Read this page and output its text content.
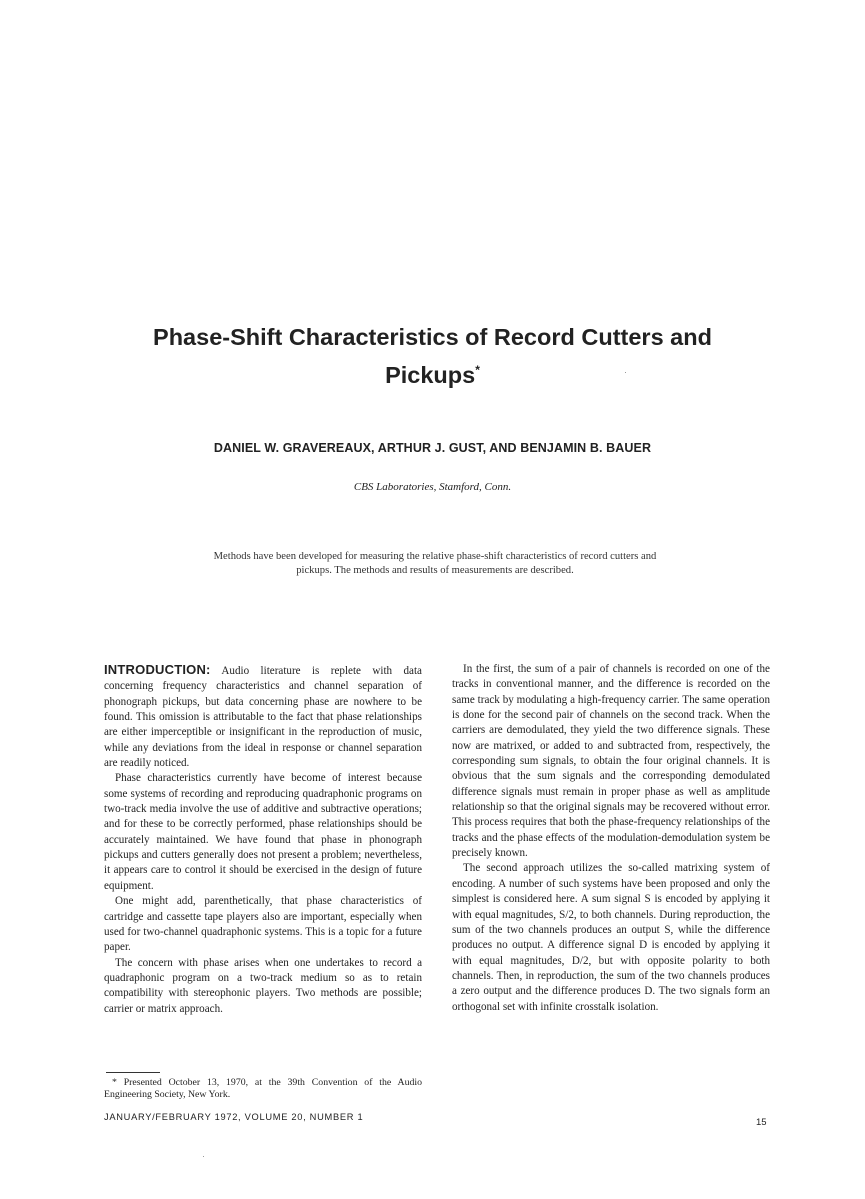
Phase-Shift Characteristics of Record Cutters and
Pickups*
DANIEL W. GRAVEREAUX, ARTHUR J. GUST, AND BENJAMIN B. BAUER
CBS Laboratories, Stamford, Conn.
Methods have been developed for measuring the relative phase-shift characteristics of record cutters and pickups. The methods and results of measurements are described.

INTRODUCTION: Audio literature is replete with data concerning frequency characteristics and channel separation of phonograph pickups, but data concerning phase are nowhere to be found. This omission is attributable to the fact that phase relationships are either imperceptible or insignificant in the reproduction of music, while any deviations from the ideal in response or channel separation are readily noticed.

Phase characteristics currently have become of interest because some systems of recording and reproducing quadraphonic programs on two-track media involve the use of additive and subtractive operations; and for these to be correctly performed, phase relationships should be accurately maintained. We have found that phase in phonograph pickups and cutters generally does not present a problem; nevertheless, it appears care to control it should be exercised in the design of future equipment.

One might add, parenthetically, that phase characteristics of cartridge and cassette tape players also are important, especially when used for two-channel quadraphonic systems. This is a topic for a future paper.

The concern with phase arises when one undertakes to record a quadraphonic program on a two-track medium so as to retain compatibility with stereophonic players. Two methods are possible; carrier or matrix approach.

In the first, the sum of a pair of channels is recorded on one of the tracks in conventional manner, and the difference is recorded on the same track by modulating a high-frequency carrier. The same operation is done for the second pair of channels on the second track. When the carriers are demodulated, they yield the two difference signals. These now are matrixed, or added to and subtracted from, respectively, the corresponding sum signals, to obtain the four original channels. It is obvious that the sum signals and the corresponding demodulated difference signals must remain in proper phase as well as amplitude relationship so that the original signals may be recovered without error. This process requires that both the phase-frequency relationships of the tracks and the phase effects of the modulation-demodulation system be precisely known.

The second approach utilizes the so-called matrixing system of encoding. A number of such systems have been proposed and only the simplest is considered here. A sum signal S is encoded by applying it with equal magnitudes, S/2, to both channels. During reproduction, the sum of the two channels produces an output S, while the difference produces no output. A difference signal D is encoded by applying it with equal magnitudes, D/2, but with opposite polarity to both channels. Then, in reproduction, the sum of the two channels produces a zero output and the difference produces D. The two signals form an orthogonal set with infinite crosstalk isolation.

* Presented October 13, 1970, at the 39th Convention of the Audio Engineering Society, New York.
JANUARY/FEBRUARY 1972, VOLUME 20, NUMBER 1	15
